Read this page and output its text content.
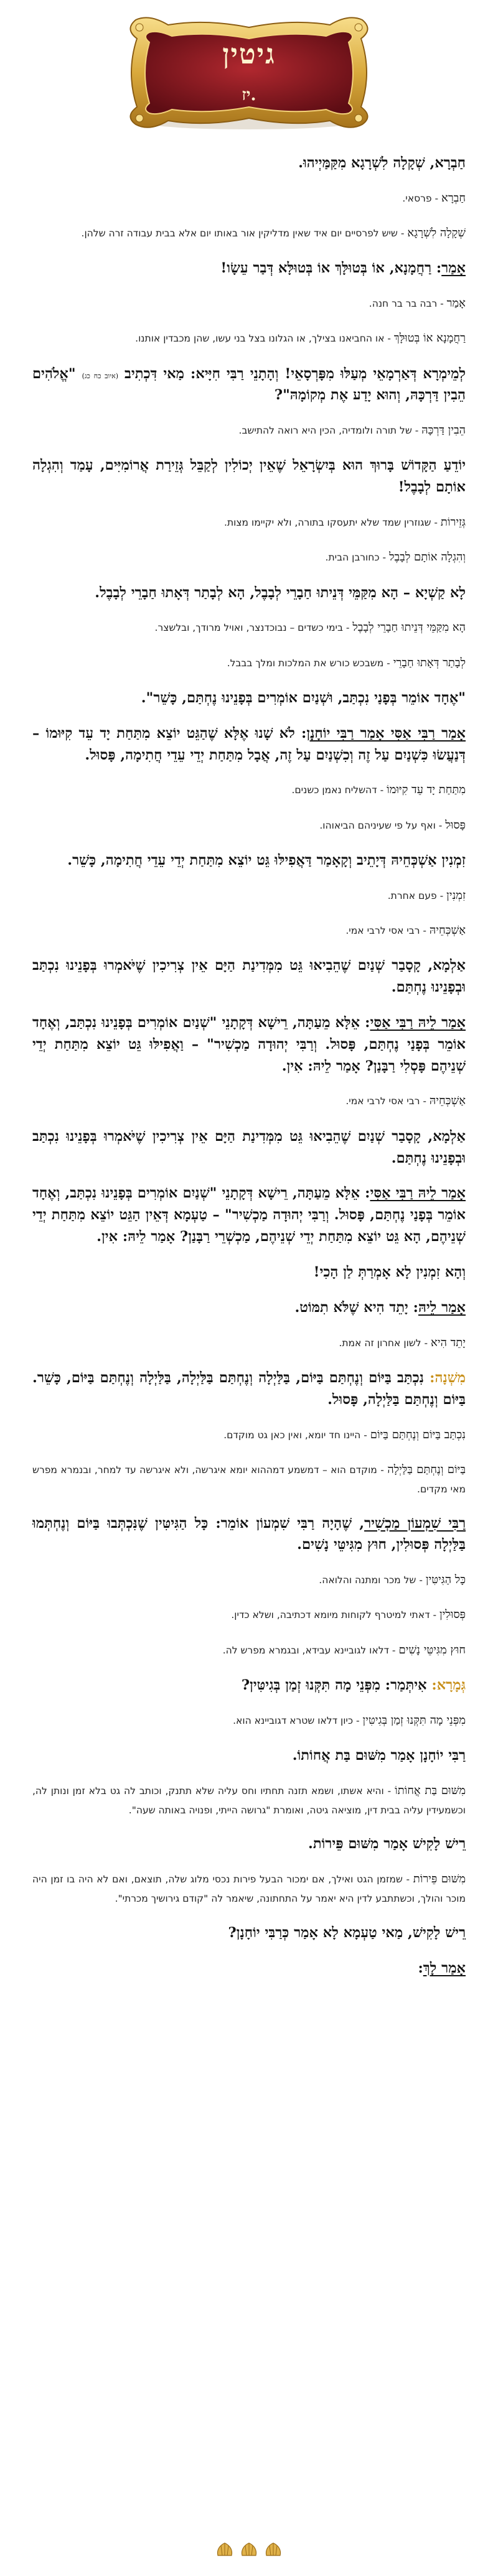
גיטין
יז.
חַבְרָא, שְׁקָלָה לִשְׁרָגָא מִקַּמַּיְיהוּ.
חַבְרָא - פרסאי.
שְׁקָלָה לִשְׁרָגָא - שיש לפרסיים יום איד שאין מדליקין אור באותו יום אלא בבית עבודה זרה שלהן.
אָמַר: רַחֲמָנָא, אוֹ בְּטוּלָּךְ אוֹ בְּטוּלָּא דְּבַר עֵשָׂו!
אָמַר - רבה בר בר חנה.
רַחֲמָנָא אוֹ בְּטוּלָּךְ - או החביאנו בצילך, או הגלונו בצל בני עשו, שהן מכבדין אותנו.
לְמֵימְרָא דְּאַרְמָאֵי מְעַלּוּ מִפָּרְסָאֵי! וְהָתָנֵי רַבִּי חִיָּיא: מַאי דִּכְתִיב (איוב כח כג) "אֱלֹהִים הֵבִין דַּרְכָּהּ, וְהוּא יָדַע אֶת מְקוֹמָהּ"?
הֵבִין דַּרְכָּהּ - של תורה ולומדיה, הכין היא רואה להתישב.
יוֹדֵעַ הַקָּדוֹשׁ בָּרוּךְ הוּא בְּיִשְׂרָאֵל שֶׁאֵין יְכוֹלִין לְקַבֵּל גְּזֵירַת אֲרוֹמִיִּים, עָמַד וְהִגְלָה אוֹתָם לְבָבֶל!
גְּזֵירוֹת - שגוזרין שמד שלא יתעסקו בתורה, ולא יקיימו מצות.
וְהִגְלָה אוֹתָם לְבָבֶל - כחורבן הבית.
לָא קַשְׁיָא – הָא מִקַּמֵּי דְּנֵיתוּ חַבָרֵי לְבָבֶל, הָא לְבָתַר דְּאָתוּ חַבָרֵי לְבָבֶל.
הָא מִקַּמֵּי דְּנֵיתוּ חַבָרֵי לְבָבֶל - בימי כשדים – נבוכדנצר, ואויל מרודך, ובלשצר.
לְבָתַר דְּאָתוּ חַבָרֵי - משבכש כורש את המלכות ומלך בבבל.
"אֶחָד אוֹמֵר בְּפָנַי נִכְתַּב, וּשְׁנַיִם אוֹמְרִים בְּפָנֵינוּ נֶחְתַּם, כָּשֵׁר".
אָמַר רַבִּי אַסִּי אָמַר רַבִּי יוֹחָנָן: לֹא שָׁנוּ אֶלָּא שֶׁהַגֵּט יוֹצֵא מִתַּחַת יָד עֵד קִיּוּמוֹ – דְּנַעֲשׂוּ כִּשְׁנַיִם עַל זֶה וְכִשְׁנַיִם עַל זֶה, אֲבָל מִתַּחַת יְדֵי עֵדֵי חֲתִימָה, פָּסוּל.
מִתַּחַת יָד עֵד קִיּוּמוֹ - דהשליח נאמן כשנים.
פָּסוּל - ואף על פי שעיניהם הביאוהו.
זִמְנִין אַשְׁכְּחֵיהּ דְּיָתֵיב וְקָאָמַר דַּאֲפִילּוּ גֵּט יוֹצֵא מִתַּחַת יְדֵי עֵדֵי חֲתִימָה, כָּשֵׁר.
זִמְנִין - פעם אחרת.
אַשְׁכְּחֵיהּ - רבי אסי לרבי אמי.
אַלְמָא, קָסָבַר שְׁנַיִם שֶׁהֵבִיאוּ גֵּט מִמְּדִינַת הַיָּם אֵין צְרִיכִין שֶׁיֹּאמְרוּ בְּפָנֵינוּ נִכְתַּב וּבְפָנֵינוּ נֶחְתַּם.
אָמַר לֵיהּ רַבִּי אַסִּי: אֵלָּא מֵעַתָּה, רֵישָׁא דְּקָתָנֵי "שְׁנַיִם אוֹמְרִים בְּפָנֵינוּ נִכְתַּב, וְאֶחָד אוֹמֵר בְּפָנַי נֶחְתַּם, פָּסוּל. וְרַבִּי יְהוּדָה מַכְשִׁיר" – וַאֲפִילּוּ גֵּט יוֹצֵא מִתַּחַת יְדֵי שְׁנֵיהֶם פָּסְלִי רַבָּנַן? אָמַר לֵיהּ: אִין.
אַשְׁכְּחֵיהּ - רבי אסי לרבי אמי.
אַלְמָא, קָסָבַר שְׁנַיִם שֶׁהֵבִיאוּ גֵּט מִמְּדִינַת הַיָּם אֵין צְרִיכִין שֶׁיֹּאמְרוּ בְּפָנֵינוּ נִכְתַּב וּבְפָנֵינוּ נֶחְתַּם.
אָמַר לֵיהּ רַבִּי אַסִּי: אֵלָּא מֵעַתָּה, רֵישָׁא דְּקָתָנֵי "שְׁנַיִם אוֹמְרִים בְּפָנֵינוּ נִכְתַּב, וְאֶחָד אוֹמֵר בְּפָנַי נֶחְתַּם, פָּסוּל. וְרַבִּי יְהוּדָה מַכְשִׁיר" – טַעְמָא דְּאֵין הַגֵּט יוֹצֵא מִתַּחַת יְדֵי שְׁנֵיהֶם, הָא גֵּט יוֹצֵא מִתַּחַת יְדֵי שְׁנֵיהֶם, מַכְשְׁרֵי רַבָּנַן? אָמַר לֵיהּ: אִין.
וְהָא זִמְנִין לָא אָמְרַתְּ לַן הָכִי!
אָמַר לֵיהּ: יָתֵד הִיא שֶׁלֹּא תִמּוֹט.
יָתֵד הִיא - לשון אחרון זה אמת.
מִשְׁנָה: נִכְתַּב בַּיּוֹם וְנֶחְתַּם בַּיּוֹם, בַּלַּיְלָה וְנֶחְתַּם בַּלַּיְלָה, בַּלַּיְלָה וְנֶחְתַּם בַּיּוֹם, כָּשֵׁר. בַּיּוֹם וְנֶחְתַּם בַּלַּיְלָה, פָּסוּל.
נִכְתַּב בַּיּוֹם וְנֶחְתַּם בַּיּוֹם - היינו חד יומא, ואין כאן גט מוקדם.
בַּיּוֹם וְנֶחְתַּם בַּלַּיְלָה - מוקדם הוא – דמשמע דמההוא יומא איגרשה, ולא איגרשה עד למחר, ובנמרא מפרש מאי מקדים.
רַבִּי שִׁמְעוֹן מַכְשִׁיר, שֶׁהָיָה רַבִּי שִׁמְעוֹן אוֹמֵר: כָּל הַגִּיטִּין שֶׁנִּכְתְּבוּ בַּיּוֹם וְנֶחְתְּמוּ בַּלַּיְלָה פְּסוּלִין, חוּץ מִגִּיטֵּי נָשִׁים.
כָּל הַגִּיטִּין - של מכר ומתנה והלואה.
פְּסוּלִין - דאתי למיטרף לקוחות מיומא דכתיבה, ושלא כדין.
חוּץ מִגִּיטֵּי נָשִׁים - דלאו לגוביינא עבידא, ובגמרא מפרש לה.
גְּמָרָא: אִיתְּמַר: מִפְּנֵי מָה תִּקְּנוּ זְמַן בְּגִיטִּין?
מִפְּנֵי מָה תִּקְּנוּ זְמַן בְּגִיטִּין - כיון דלאו שטרא דגוביינא הוא.
רַבִּי יוֹחָנָן אָמַר מִשּׁוּם בַּת אֲחוֹתוֹ.
מִשּׁוּם בַּת אֲחוֹתוֹ - והיא אשתו, ושמא תזנה תחתיו וחס עליה שלא תתנק, וכותב לה גט בלא זמן ונותן לה, וכשמעידין עליה בבית דין, מוציאה גיטה, ואומרת "גרושה הייתי, ופנויה באותה שעה".
רֵישׁ לָקִישׁ אָמַר מִשּׁוּם פֵּירוֹת.
מִשּׁוּם פֵּירוֹת - שמזמן הגט ואילך, אם ימכור הבעל פירות נכסי מלוג שלה, תוצאם, ואם לא היה בו זמן היה מוכר והולך, וכשתתבע לדין היא יאמר על התחתונה, שיאמר לה "קודם גירושיך מכרתי".
רֵישׁ לָקִישׁ, מַאי טַעְמָא לָא אָמַר כְּרַבִּי יוֹחָנָן?
אָמַר לָךְ:
